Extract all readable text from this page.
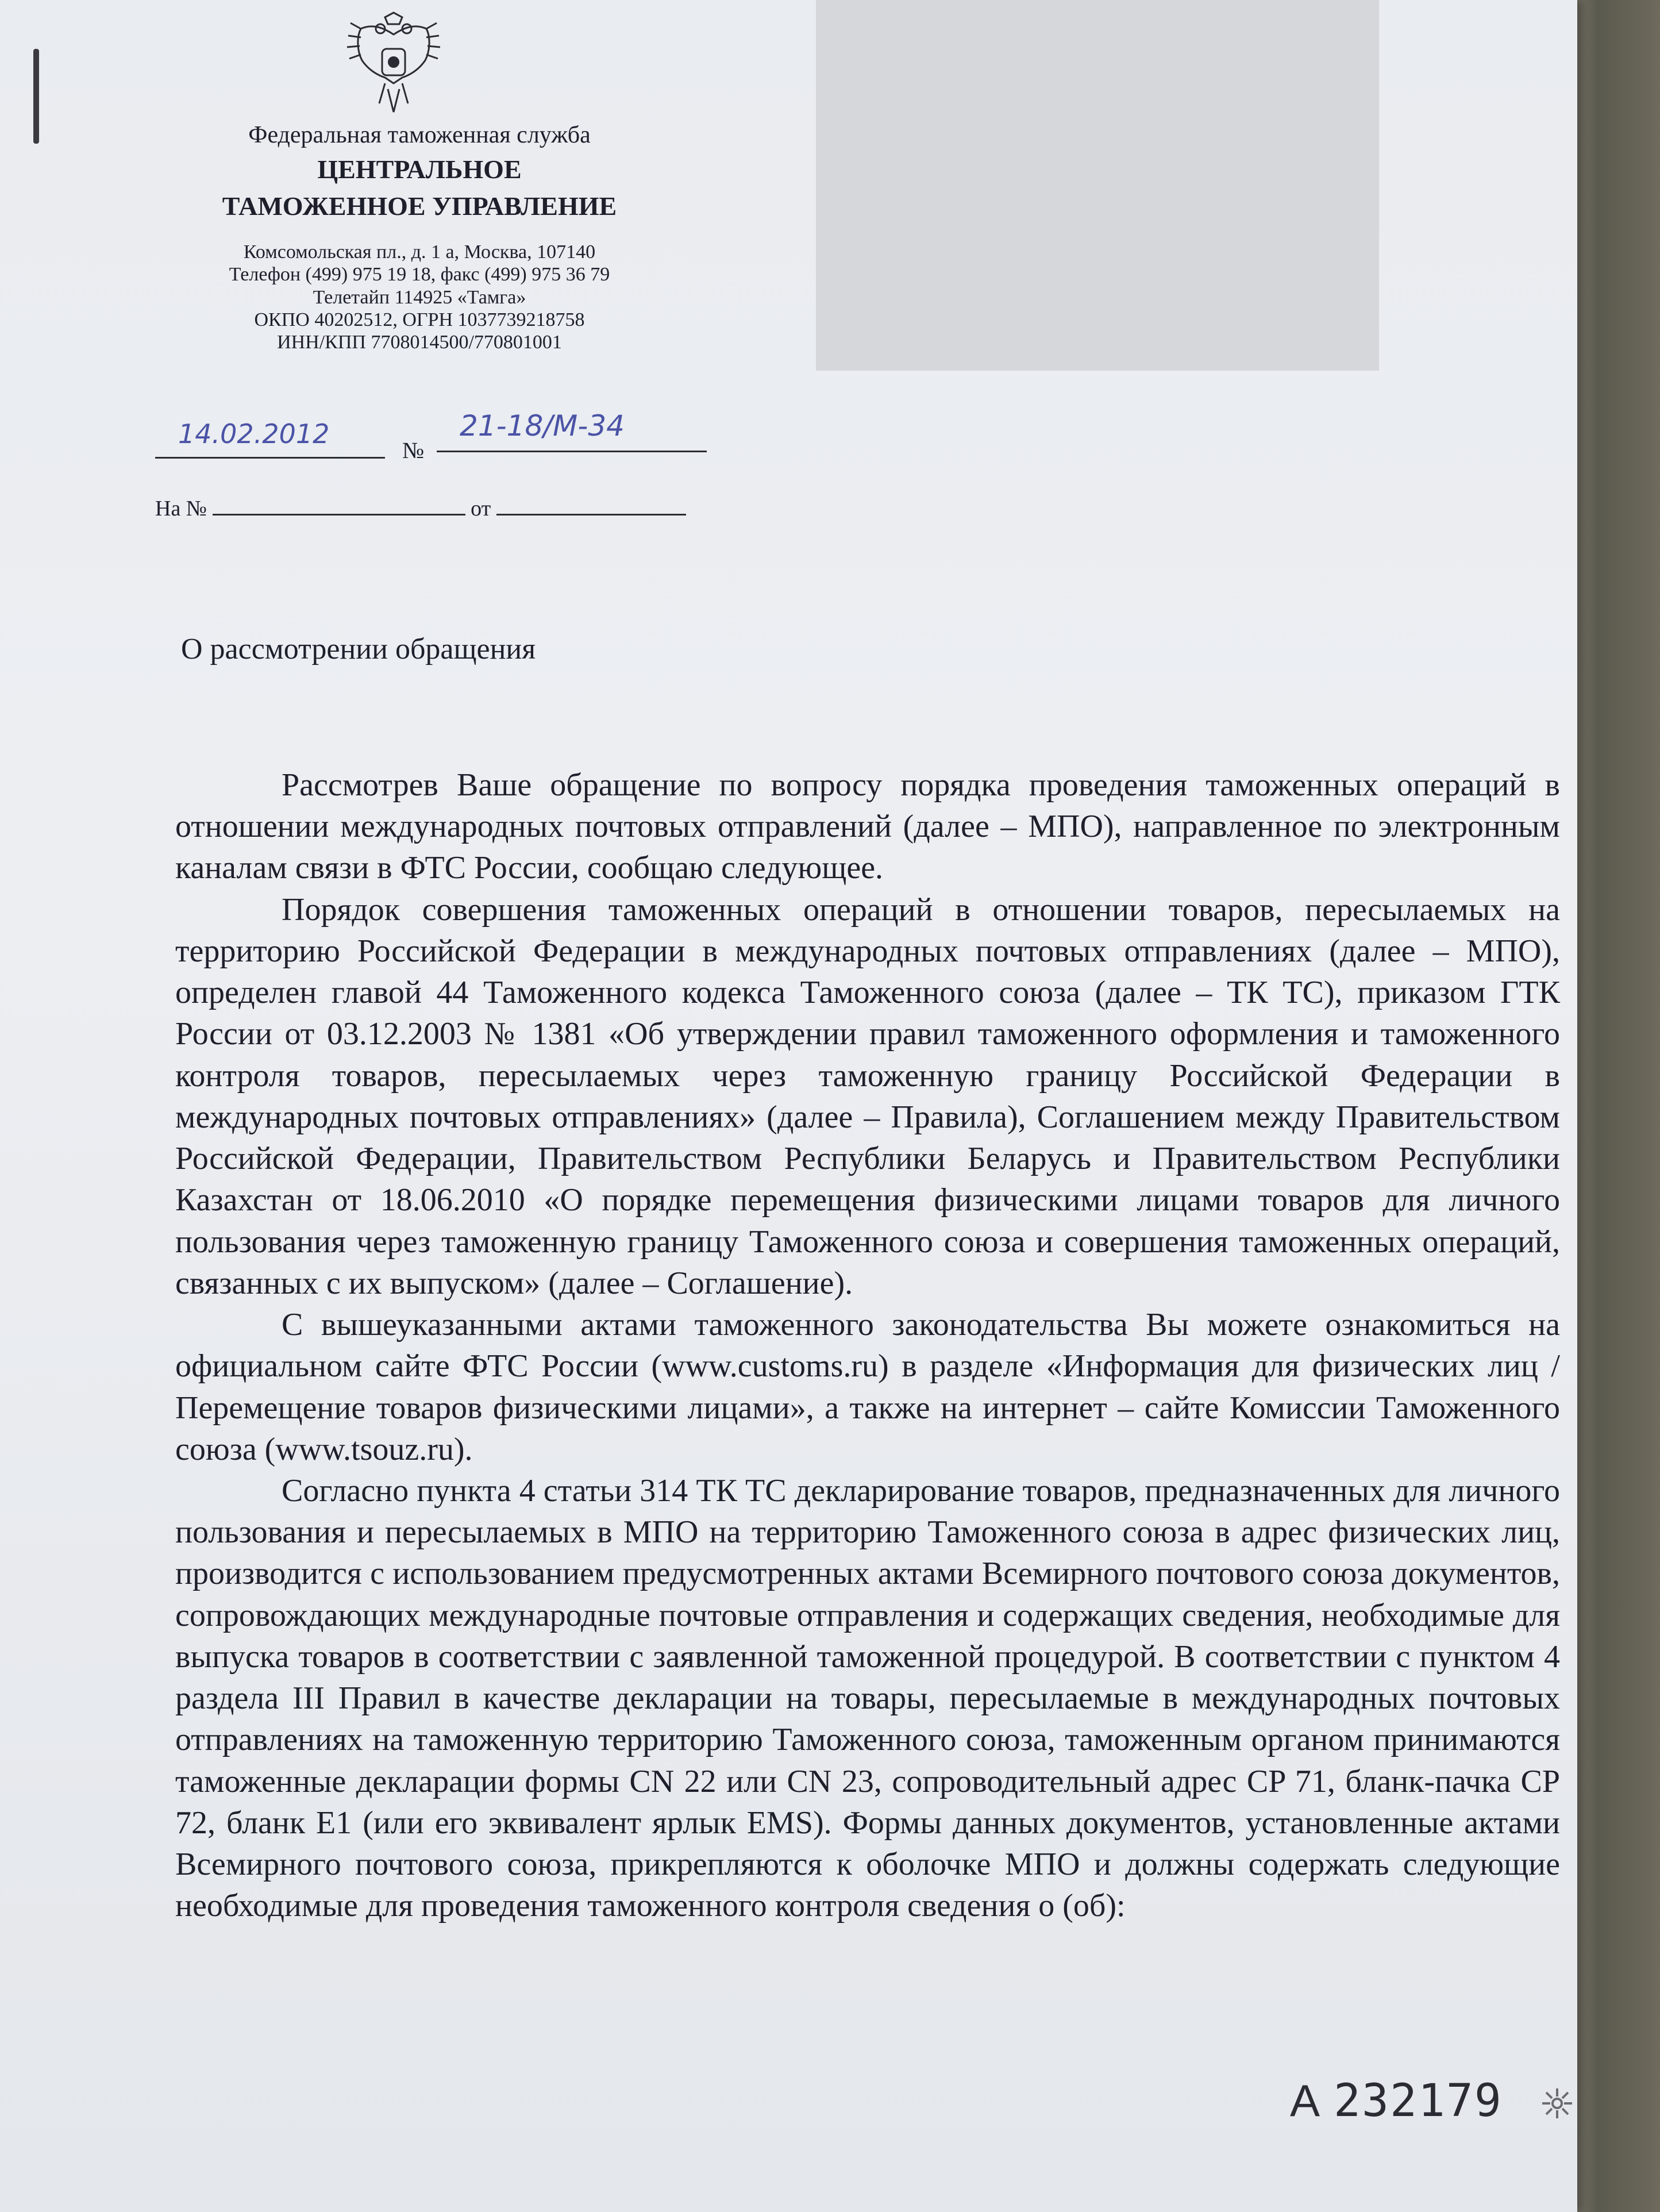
Федеральная таможенная служба
ЦЕНТРАЛЬНОЕ
ТАМОЖЕННОЕ УПРАВЛЕНИЕ
Комсомольская пл., д. 1 а, Москва, 107140
Телефон (499) 975 19 18, факс (499) 975 36 79
Телетайп 114925 «Тамга»
ОКПО 40202512, ОГРН 1037739218758
ИНН/КПП 7708014500/770801001
14.02.2012
№
21-18/М-34
На №	от
О рассмотрении обращения

Рассмотрев Ваше обращение по вопросу порядка проведения таможенных операций в отношении международных почтовых отправлений (далее – МПО), направленное по электронным каналам связи в ФТС России, сообщаю следующее.

Порядок совершения таможенных операций в отношении товаров, пересылаемых на территорию Российской Федерации в международных почтовых отправлениях (далее – МПО), определен главой 44 Таможенного кодекса Таможенного союза (далее – ТК ТС), приказом ГТК России от 03.12.2003 № 1381 «Об утверждении правил таможенного оформления и таможенного контроля товаров, пересылаемых через таможенную границу Российской Федерации в международных почтовых отправлениях» (далее – Правила), Соглашением между Правительством Российской Федерации, Правительством Республики Беларусь и Правительством Республики Казахстан от 18.06.2010 «О порядке перемещения физическими лицами товаров для личного пользования через таможенную границу Таможенного союза и совершения таможенных операций, связанных с их выпуском» (далее – Соглашение).

С вышеуказанными актами таможенного законодательства Вы можете ознакомиться на официальном сайте ФТС России (www.customs.ru) в разделе «Информация для физических лиц / Перемещение товаров физическими лицами», а также на интернет – сайте Комиссии Таможенного союза (www.tsouz.ru).

Согласно пункта 4 статьи 314 ТК ТС декларирование товаров, предназначенных для личного пользования и пересылаемых в МПО на территорию Таможенного союза в адрес физических лиц, производится с использованием предусмотренных актами Всемирного почтового союза документов, сопровождающих международные почтовые отправления и содержащих сведения, необходимые для выпуска товаров в соответствии с заявленной таможенной процедурой. В соответствии с пунктом 4 раздела III Правил в качестве декларации на товары, пересылаемые в международных почтовых отправлениях на таможенную территорию Таможенного союза, таможенным органом принимаются таможенные декларации формы CN 22 или CN 23, сопроводительный адрес CP 71, бланк-пачка CP 72, бланк E1 (или его эквивалент ярлык EMS). Формы данных документов, установленные актами Всемирного почтового союза, прикрепляются к оболочке МПО и должны содержать следующие необходимые для проведения таможенного контроля сведения о (об):

А 232179
